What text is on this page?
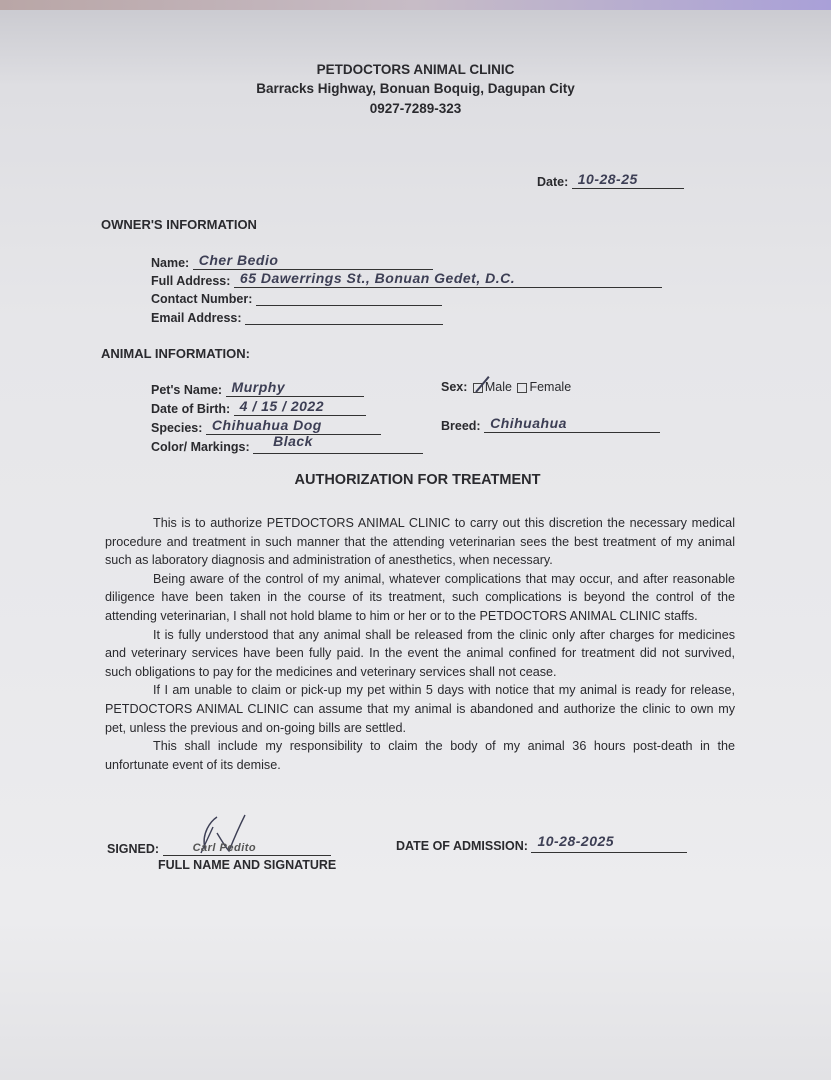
PETDOCTORS ANIMAL CLINIC
Barracks Highway, Bonuan Boquig, Dagupan City
0927-7289-323
Date: 10-28-25
OWNER'S INFORMATION
Name: Cher Bedio
Full Address: 65 Dawerrings St., Bonuan Gedet, D.C.
Contact Number:
Email Address:
ANIMAL INFORMATION:
Pet's Name: Murphy
Date of Birth: 4 / 15 / 2022
Species: Chihuahua Dog
Color/ Markings: Black
Sex: Male Female
Breed: Chihuahua
AUTHORIZATION FOR TREATMENT

This is to authorize PETDOCTORS ANIMAL CLINIC to carry out this discretion the necessary medical procedure and treatment in such manner that the attending veterinarian sees the best treatment of my animal such as laboratory diagnosis and administration of anesthetics, when necessary.

Being aware of the control of my animal, whatever complications that may occur, and after reasonable diligence have been taken in the course of its treatment, such complications is beyond the control of the attending veterinarian, I shall not hold blame to him or her or to the PETDOCTORS ANIMAL CLINIC staffs.

It is fully understood that any animal shall be released from the clinic only after charges for medicines and veterinary services have been fully paid. In the event the animal confined for treatment did not survived, such obligations to pay for the medicines and veterinary services shall not cease.

If I am unable to claim or pick-up my pet within 5 days with notice that my animal is ready for release, PETDOCTORS ANIMAL CLINIC can assume that my animal is abandoned and authorize the clinic to own my pet, unless the previous and on-going bills are settled.

This shall include my responsibility to claim the body of my animal 36 hours post-death in the unfortunate event of its demise.

SIGNED:	Carl Pedito
FULL NAME AND SIGNATURE
DATE OF ADMISSION: 10-28-2025
